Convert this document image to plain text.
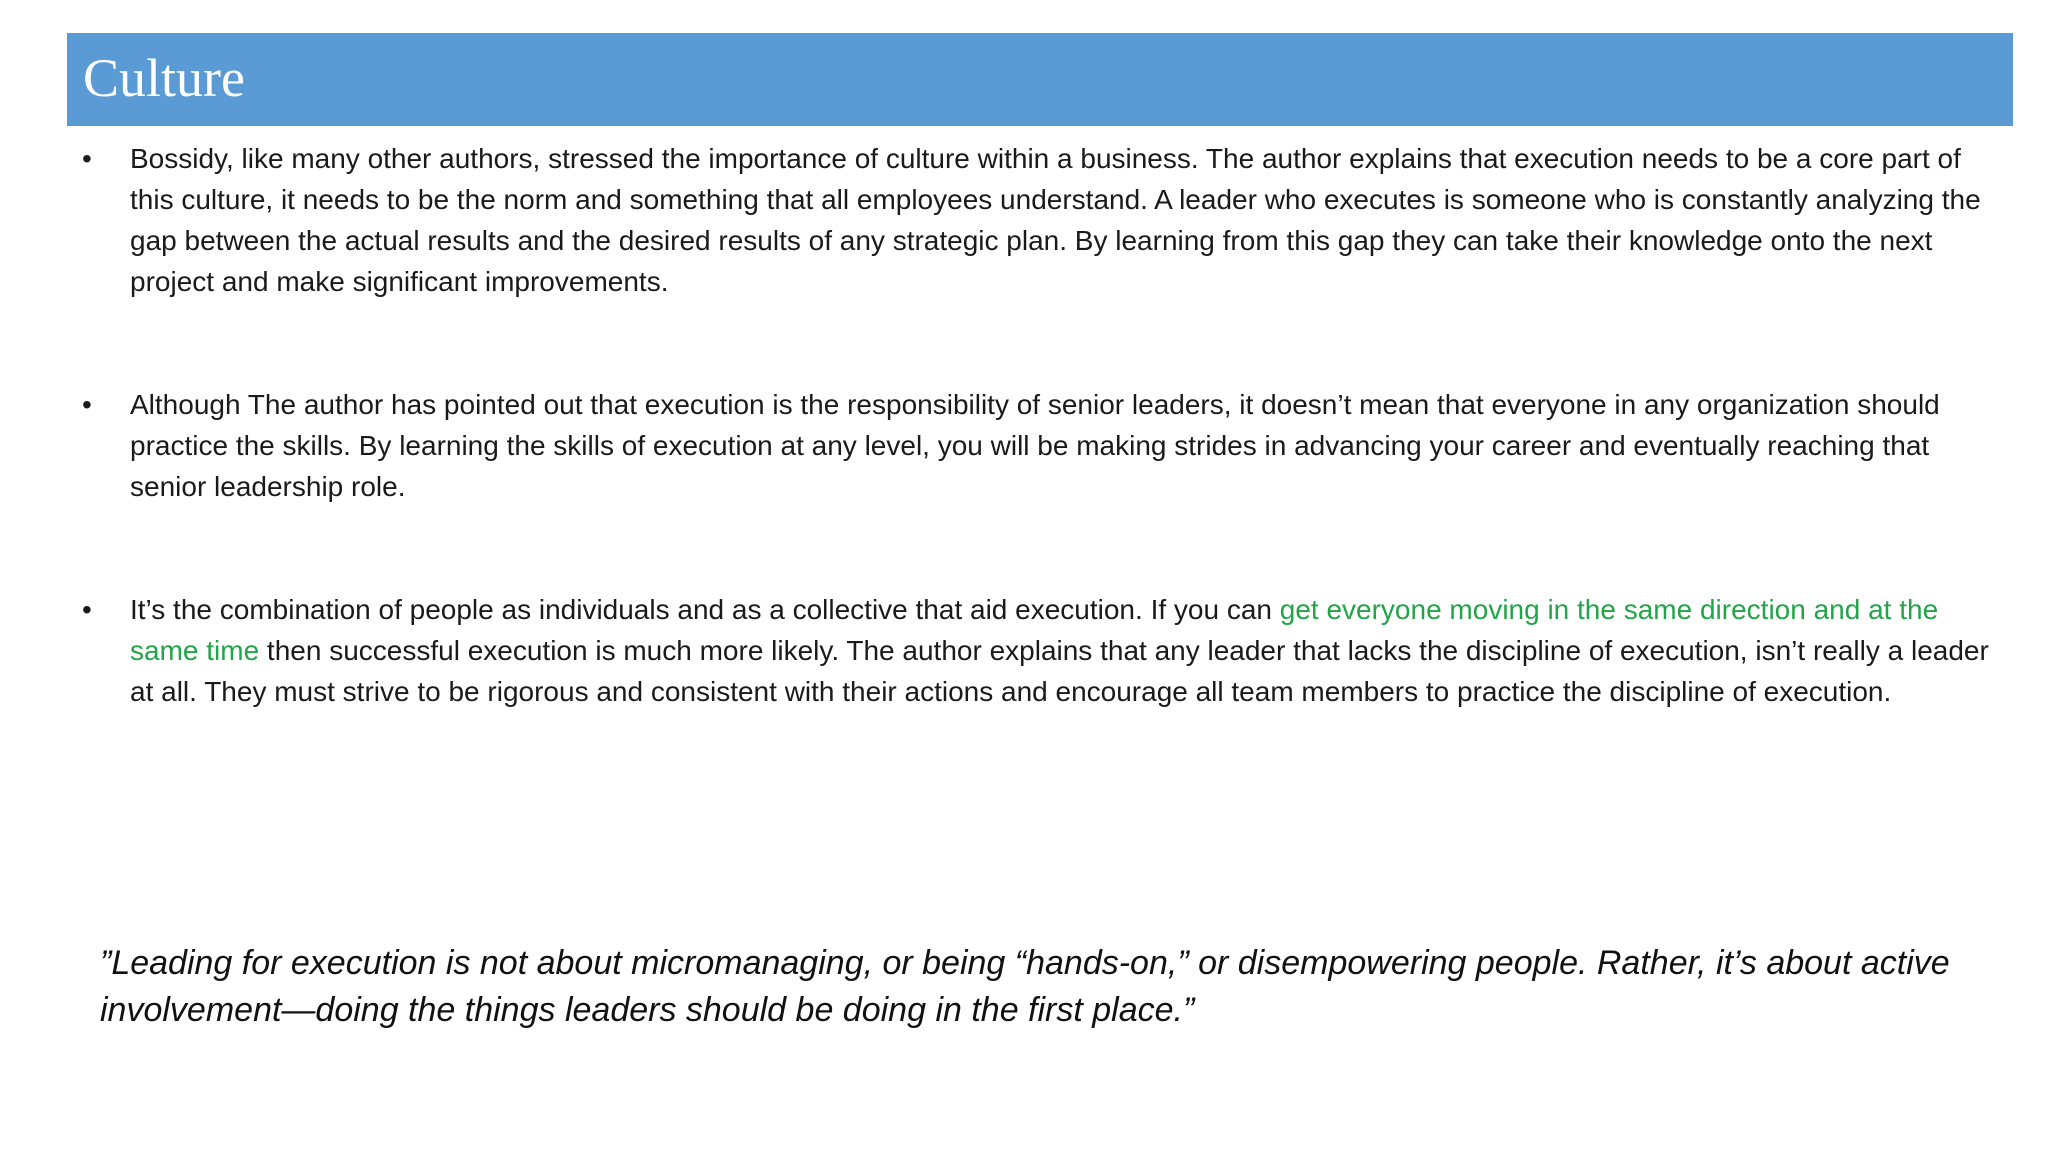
Culture
• Bossidy, like many other authors, stressed the importance of culture within a business. The author explains that execution needs to be a core part of this culture, it needs to be the norm and something that all employees understand. A leader who executes is someone who is constantly analyzing the gap between the actual results and the desired results of any strategic plan. By learning from this gap they can take their knowledge onto the next project and make significant improvements.
• Although The author has pointed out that execution is the responsibility of senior leaders, it doesn’t mean that everyone in any organization should practice the skills. By learning the skills of execution at any level, you will be making strides in advancing your career and eventually reaching that senior leadership role.
• It’s the combination of people as individuals and as a collective that aid execution. If you can get everyone moving in the same direction and at the same time then successful execution is much more likely. The author explains that any leader that lacks the discipline of execution, isn’t really a leader at all. They must strive to be rigorous and consistent with their actions and encourage all team members to practice the discipline of execution.

”Leading for execution is not about micromanaging, or being “hands-on,” or disempowering people. Rather, it’s about active involvement—doing the things leaders should be doing in the first place.”
